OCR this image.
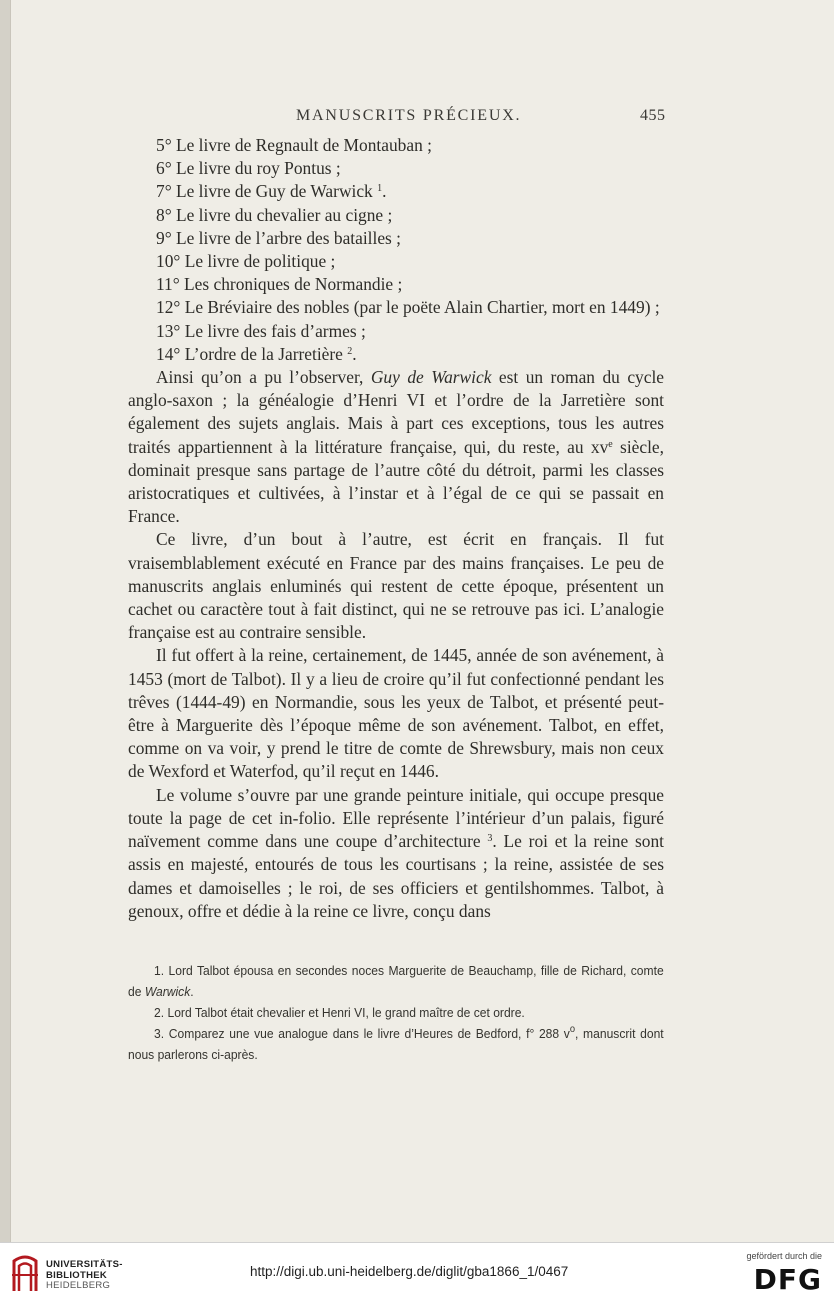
MANUSCRITS PRÉCIEUX.	455

5° Le livre de Regnault de Montauban ;

6° Le livre du roy Pontus ;

7° Le livre de Guy de Warwick $^1$.

8° Le livre du chevalier au cigne ;

9° Le livre de l’arbre des batailles ;

10° Le livre de politique ;

11° Les chroniques de Normandie ;

12° Le Bréviaire des nobles (par le poëte Alain Chartier, mort en 1449) ;

13° Le livre des fais d’armes ;

14° L’ordre de la Jarretière $^2$.

Ainsi qu’on a pu l’observer, Guy de Warwick est un roman du cycle anglo-saxon ; la généalogie d’Henri VI et l’ordre de la Jarretière sont également des sujets anglais. Mais à part ces exceptions, tous les autres traités appartiennent à la littérature française, qui, du reste, au $xv^e$ siècle, dominait presque sans partage de l’autre côté du détroit, parmi les classes aristocratiques et cultivées, à l’instar et à l’égal de ce qui se passait en France.

Ce livre, d’un bout à l’autre, est écrit en français. Il fut vraisemblablement exécuté en France par des mains françaises. Le peu de manuscrits anglais enluminés qui restent de cette époque, présentent un cachet ou caractère tout à fait distinct, qui ne se retrouve pas ici. L’analogie française est au contraire sensible.

Il fut offert à la reine, certainement, de 1445, année de son avénement, à 1453 (mort de Talbot). Il y a lieu de croire qu’il fut confectionné pendant les trêves (1444-49) en Normandie, sous les yeux de Talbot, et présenté peut-être à Marguerite dès l’époque même de son avénement. Talbot, en effet, comme on va voir, y prend le titre de comte de Shrewsbury, mais non ceux de Wexford et Waterfod, qu’il reçut en 1446.

Le volume s’ouvre par une grande peinture initiale, qui occupe presque toute la page de cet in-folio. Elle représente l’intérieur d’un palais, figuré naïvement comme dans une coupe d’architecture $^3$. Le roi et la reine sont assis en majesté, entourés de tous les courtisans ; la reine, assistée de ses dames et damoiselles ; le roi, de ses officiers et gentilshommes. Talbot, à genoux, offre et dédie à la reine ce livre, conçu dans

1. Lord Talbot épousa en secondes noces Marguerite de Beauchamp, fille de Richard, comte de Warwick.

2. Lord Talbot était chevalier et Henri VI, le grand maître de cet ordre.

3. Comparez une vue analogue dans le livre d’Heures de Bedford, f° 288 $v^o$, manuscrit dont nous parlerons ci-après.

UNIVERSITÄTS-
BIBLIOTHEK
HEIDELBERG
http://digi.ub.uni-heidelberg.de/diglit/gba1866_1/0467
gefördert durch die
DFG
